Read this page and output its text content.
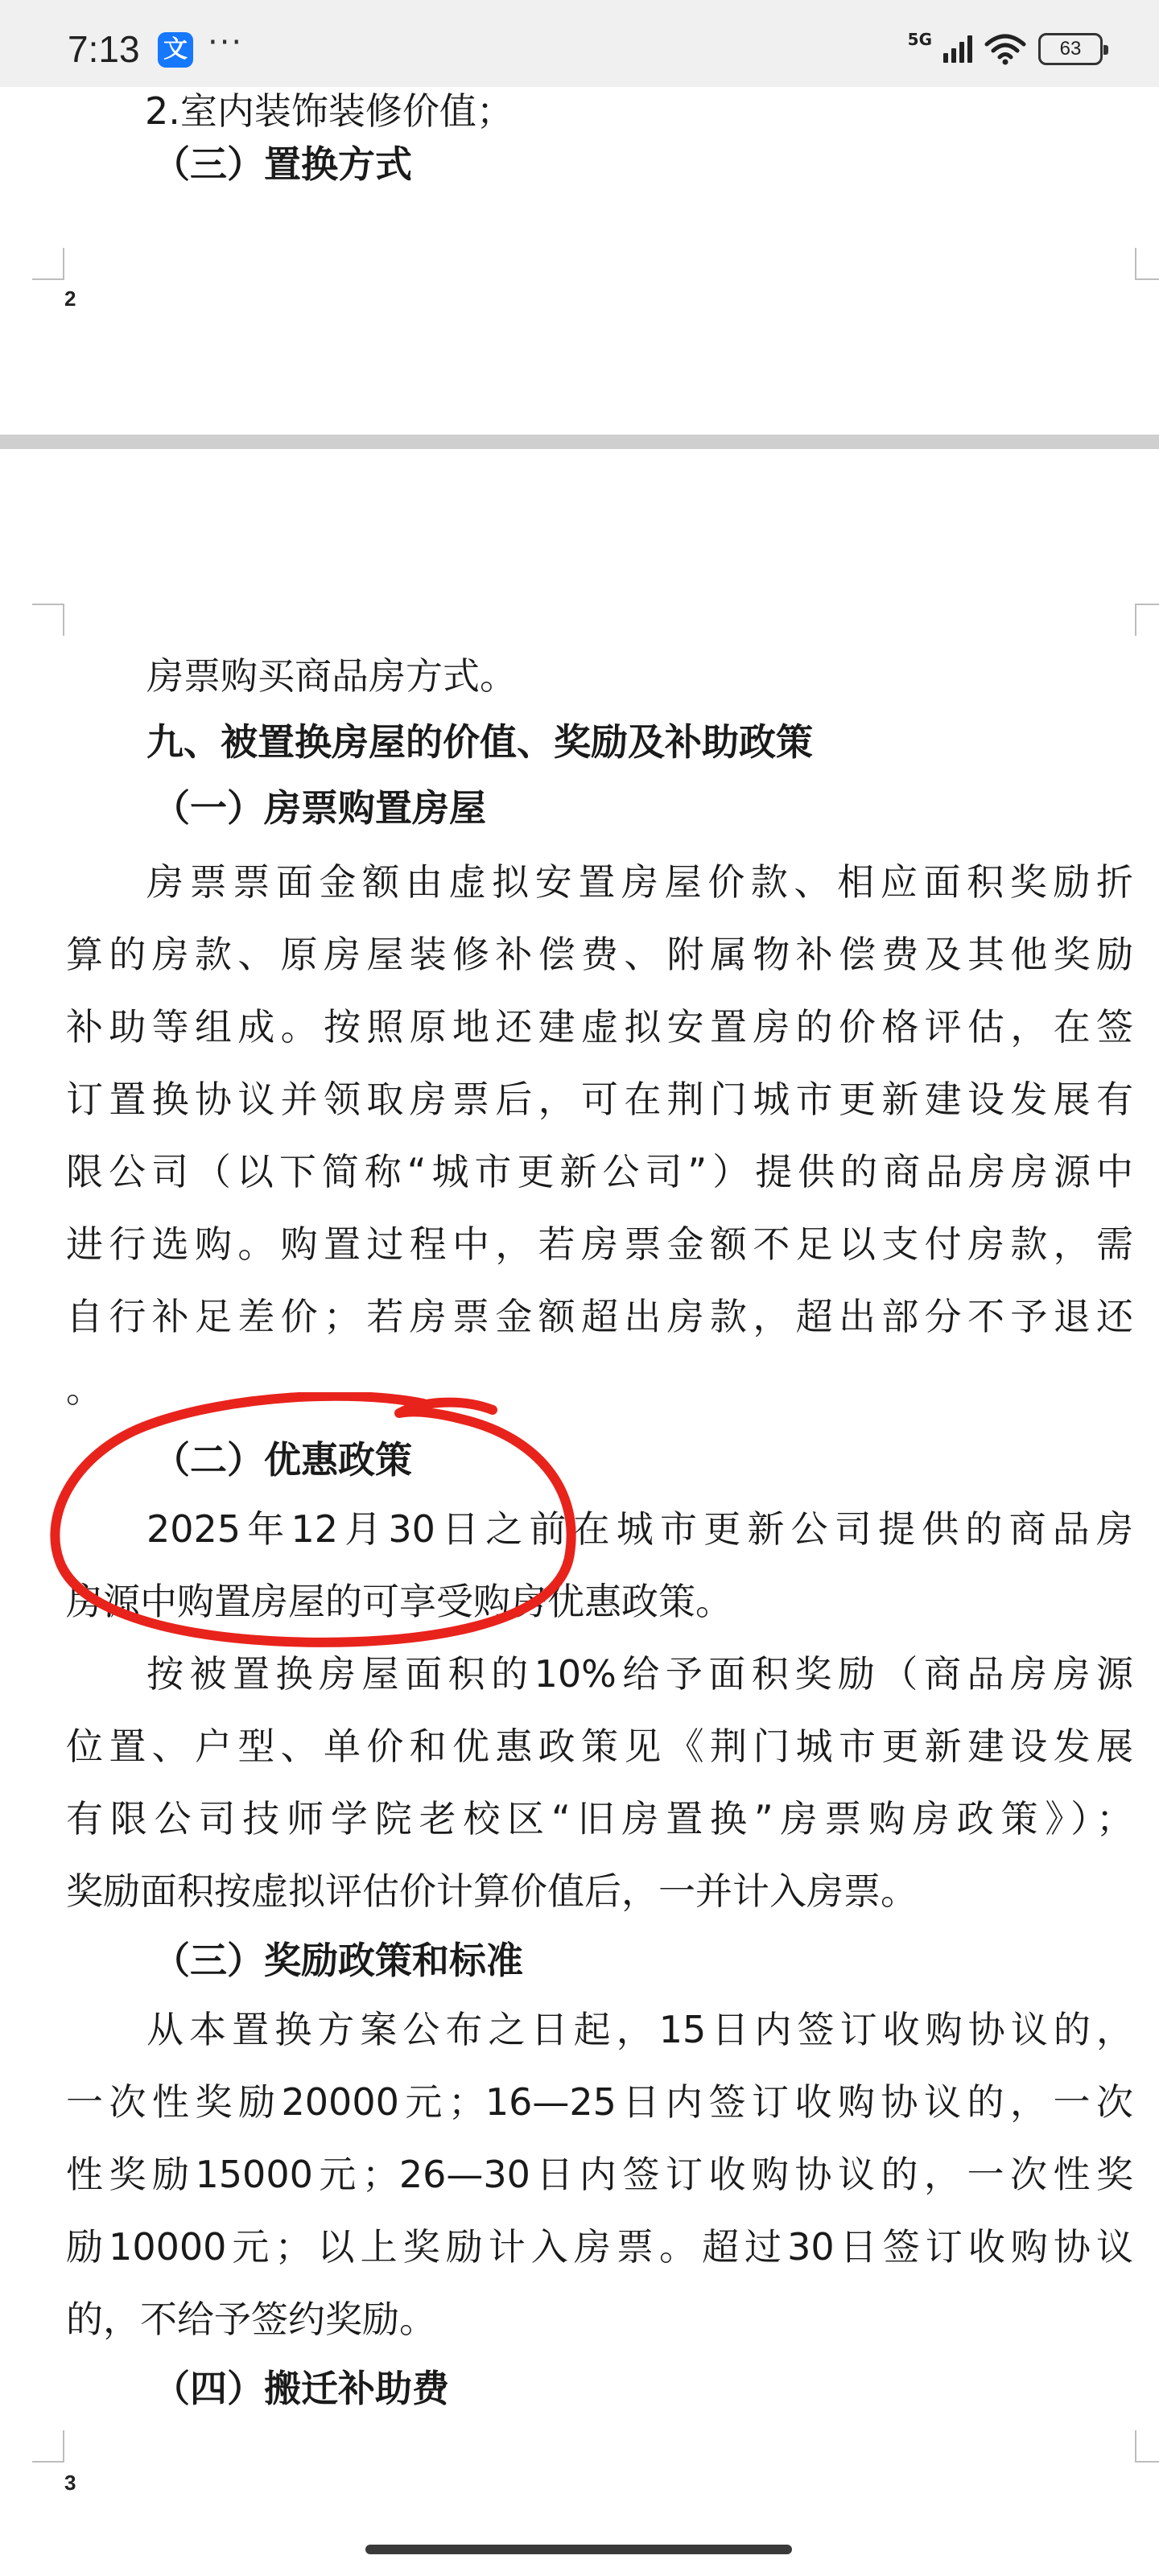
7:13 文 ···	5G	63
2.室内装饰装修价值；
（三）置换方式
2
房票购买商品房方式。
九、被置换房屋的价值、奖励及补助政策
（一）房票购置房屋
房票票面金额由虚拟安置房屋价款、相应面积奖励折
算的房款、原房屋装修补偿费、附属物补偿费及其他奖励
补助等组成。按照原地还建虚拟安置房的价格评估，在签
订置换协议并领取房票后，可在荆门城市更新建设发展有
限公司（以下简称“城市更新公司”）提供的商品房房源中
进行选购。购置过程中，若房票金额不足以支付房款，需
自行补足差价；若房票金额超出房款，超出部分不予退还
。
（二）优惠政策
2025年12月30日之前在城市更新公司提供的商品房
房源中购置房屋的可享受购房优惠政策。
按被置换房屋面积的10%给予面积奖励（商品房房源
位置、户型、单价和优惠政策见《荆门城市更新建设发展
有限公司技师学院老校区“旧房置换”房票购房政策》）；
奖励面积按虚拟评估价计算价值后，一并计入房票。
（三）奖励政策和标准
从本置换方案公布之日起，15日内签订收购协议的，
一次性奖励20000元；16—25日内签订收购协议的，一次
性奖励15000元；26—30日内签订收购协议的，一次性奖
励10000元；以上奖励计入房票。超过30日签订收购协议
的，不给予签约奖励。
（四）搬迁补助费
3
